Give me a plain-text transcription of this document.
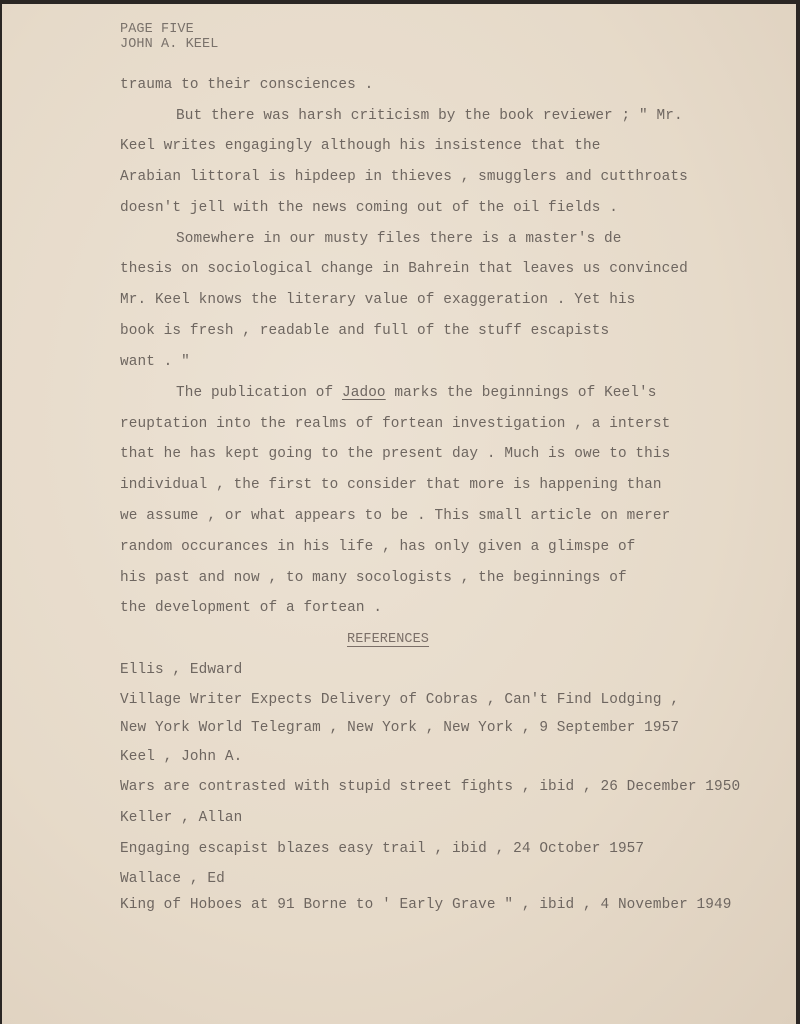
PAGE FIVE
JOHN A. KEEL
trauma to their consciences .
But there was harsh criticism by the book reviewer ; " Mr.
Keel writes engagingly although his insistence that the
Arabian littoral is hipdeep in thieves , smugglers and cutthroats
doesn't jell with the news coming out of the oil fields .
Somewhere in our musty files there is a master's de
thesis on sociological change in Bahrein that leaves us convinced
Mr. Keel knows the literary value of exaggeration . Yet his
book is fresh , readable and full of the stuff escapists
want . "
The publication of Jadoo marks the beginnings of Keel's
reuptation into the realms of fortean investigation , a interst
that he has kept going to the present day . Much is owe to this
individual , the first to consider that more is happening than
we assume , or what appears to be . This small article on merer
random occurances in his life , has only given a glimspe of
his past and now , to many socologists , the beginnings of
the development of a fortean .
REFERENCES
Ellis , Edward
Village Writer Expects Delivery of Cobras , Can't Find Lodging ,
New York World Telegram , New York , New York , 9 September 1957
Keel , John A.
Wars are contrasted with stupid street fights , ibid , 26 December 1950
Keller , Allan
Engaging escapist blazes easy trail , ibid , 24 October 1957
Wallace , Ed
King of Hoboes at 91 Borne to ' Early Grave " , ibid , 4 November 1949
